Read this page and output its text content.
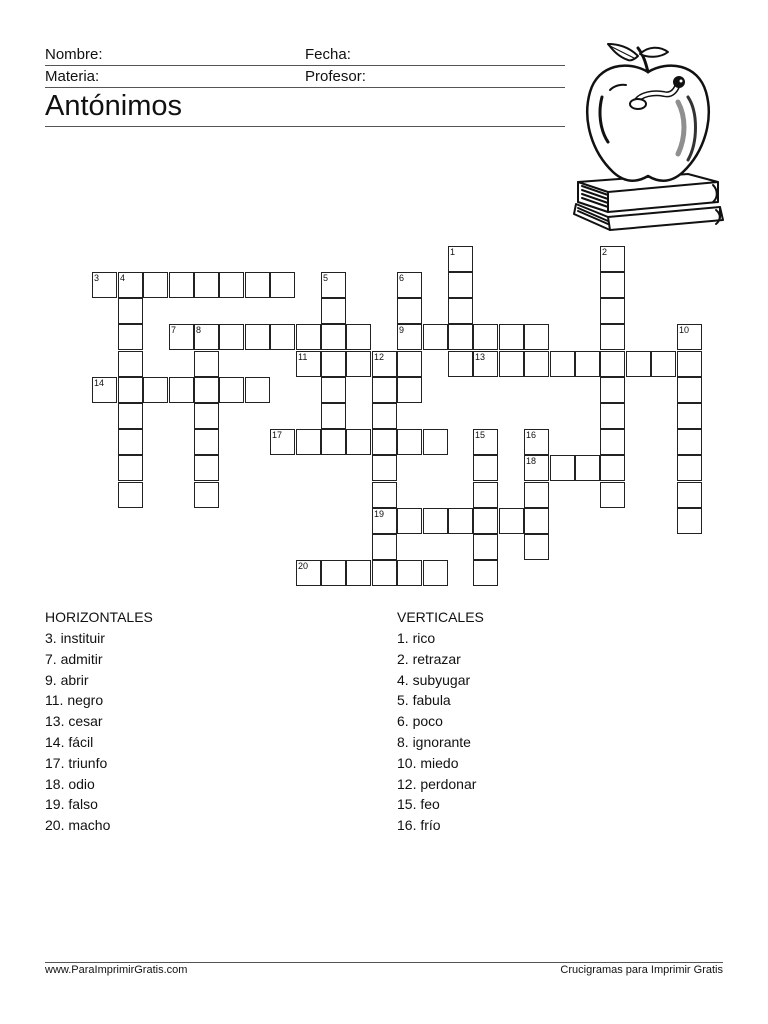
Nombre:	Fecha:
Materia:	Profesor:
Antónimos
3 4
7 8
5	6
9
1	2
11	12
19
13
10
14
17	15	16
18
20
HORIZONTALES
3. instituir
7. admitir
9. abrir
11. negro
13. cesar
14. fácil
17. triunfo
18. odio
19. falso
20. macho
VERTICALES
1. rico
2. retrazar
4. subyugar
5. fabula
6. poco
8. ignorante
10. miedo
12. perdonar
15. feo
16. frío
www.ParaImprimirGratis.com	Crucigramas para Imprimir Gratis
